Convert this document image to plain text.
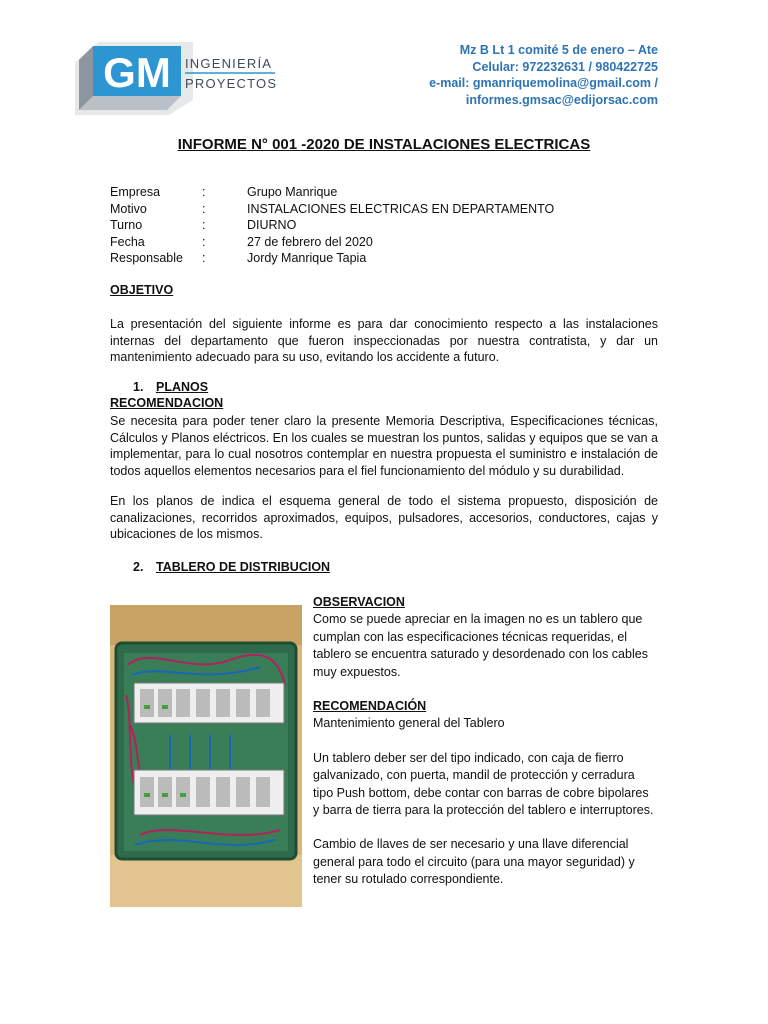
GM INGENIERÍA
PROYECTOS
Mz B Lt 1 comité 5 de enero – Ate
Celular: 972232631 / 980422725
e-mail: gmanriquemolina@gmail.com /
informes.gmsac@edijorsac.com
INFORME N° 001 -2020 DE INSTALACIONES ELECTRICAS
Empresa	:	Grupo Manrique
Motivo	:	INSTALACIONES ELECTRICAS EN DEPARTAMENTO
Turno	:	DIURNO
Fecha	:	27 de febrero del 2020
Responsable	:	Jordy Manrique Tapia
OBJETIVO
La presentación del siguiente informe es para dar conocimiento respecto a las instalaciones internas del departamento que fueron inspeccionadas por nuestra contratista, y dar un mantenimiento adecuado para su uso, evitando los accidente a futuro.
1. PLANOS
RECOMENDACION
Se necesita para poder tener claro la presente Memoria Descriptiva, Especificaciones técnicas, Cálculos y Planos eléctricos. En los cuales se muestran los puntos, salidas y equipos que se van a implementar, para lo cual nosotros contemplar en nuestra propuesta el suministro e instalación de todos aquellos elementos necesarios para el fiel funcionamiento del módulo y su durabilidad.
En los planos de indica el esquema general de todo el sistema propuesto, disposición de canalizaciones, recorridos aproximados, equipos, pulsadores, accesorios, conductores, cajas y ubicaciones de los mismos.
2. TABLERO DE DISTRIBUCION

OBSERVACION

Como se puede apreciar en la imagen no es un tablero que cumplan con las especificaciones técnicas requeridas, el tablero se encuentra saturado y desordenado con los cables muy expuestos.

RECOMENDACIÓN

Mantenimiento general del Tablero

Un tablero deber ser del tipo indicado, con caja de fierro galvanizado, con puerta, mandil de protección y cerradura tipo Push bottom, debe contar con barras de cobre bipolares y barra de tierra para la protección del tablero e interruptores.

Cambio de llaves de ser necesario y una llave diferencial general para todo el circuito (para una mayor seguridad) y tener su rotulado correspondiente.
